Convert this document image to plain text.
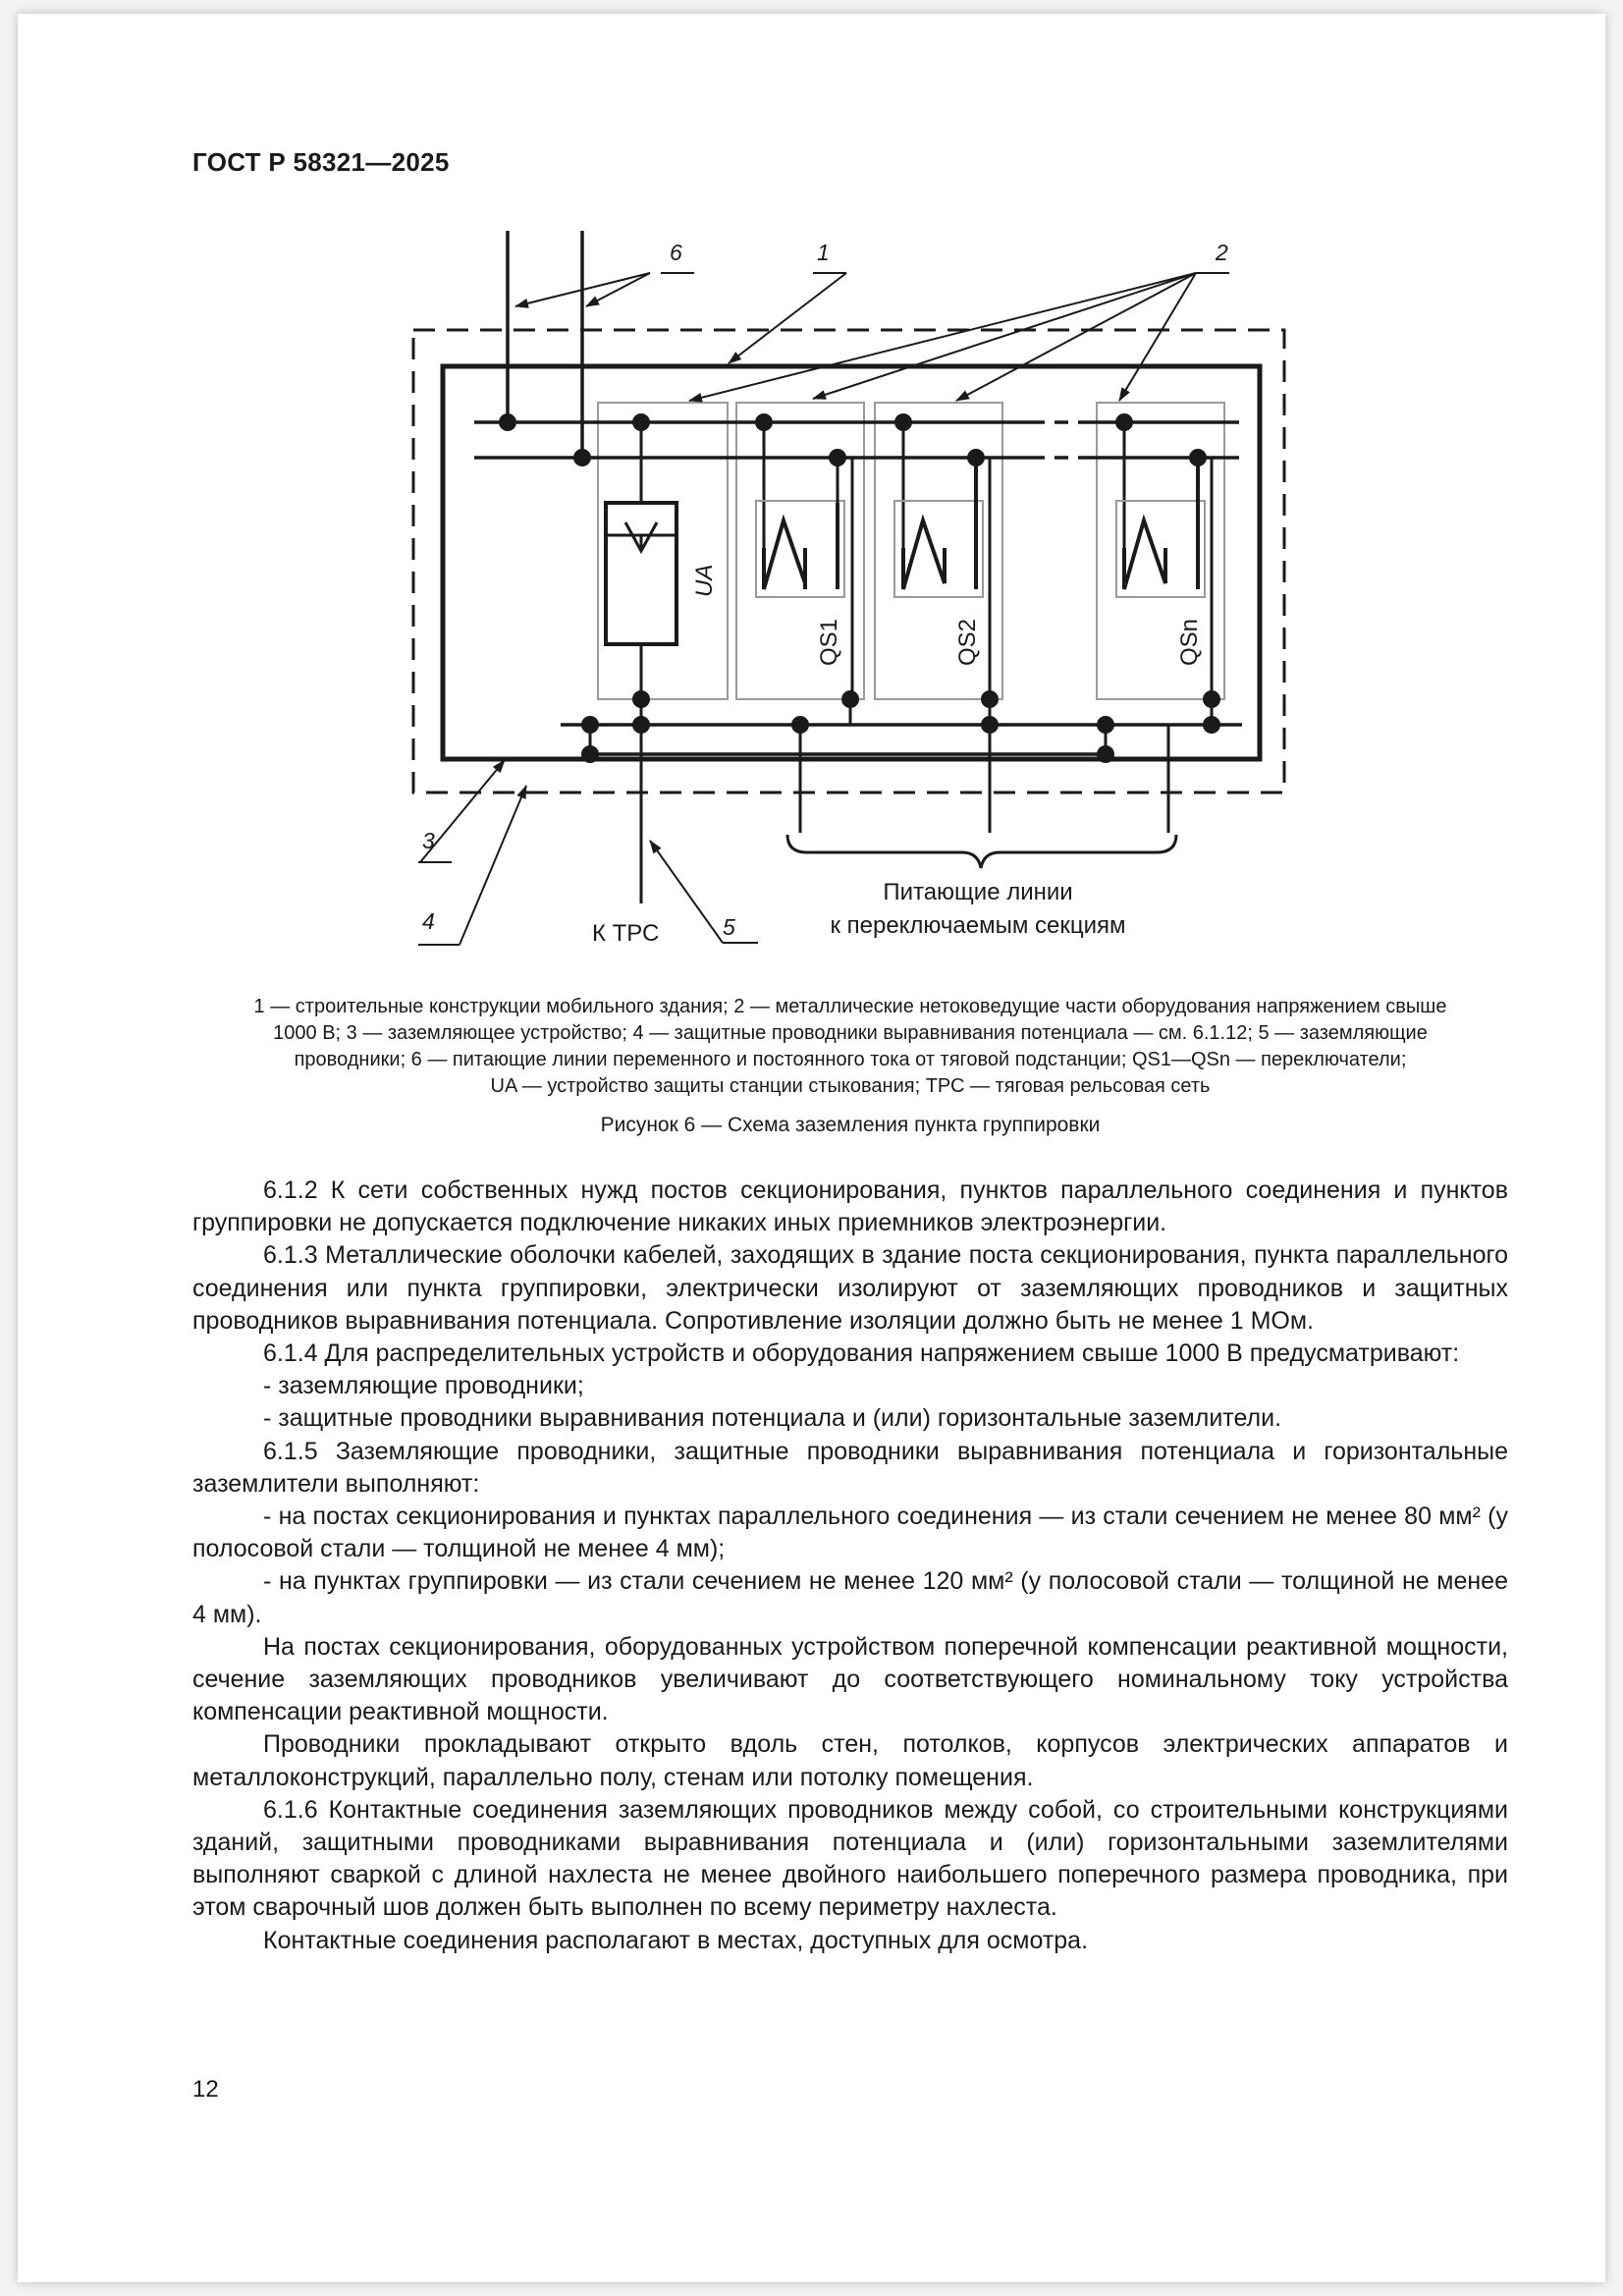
ГОСТ Р 58321—2025
6	1	2
3
4	5
UA
QS1	QS2	QSn
К ТРС
Питающие линии
к переключаемым секциям
1 — строительные конструкции мобильного здания; 2 — металлические нетоковедущие части оборудования напряжением свыше
1000 В; 3 — заземляющее устройство; 4 — защитные проводники выравнивания потенциала — см. 6.1.12; 5 — заземляющие
проводники; 6 — питающие линии переменного и постоянного тока от тяговой подстанции; QS1—QSn — переключатели;
UA — устройство защиты станции стыкования; ТРС — тяговая рельсовая сеть
Рисунок 6 — Схема заземления пункта группировки

6.1.2 К сети собственных нужд постов секционирования, пунктов параллельного соединения и пунктов группировки не допускается подключение никаких иных приемников электроэнергии.

6.1.3 Металлические оболочки кабелей, заходящих в здание поста секционирования, пункта параллельного соединения или пункта группировки, электрически изолируют от заземляющих проводников и защитных проводников выравнивания потенциала. Сопротивление изоляции должно быть не менее 1 МОм.

6.1.4 Для распределительных устройств и оборудования напряжением свыше 1000 В предусматривают:

- заземляющие проводники;

- защитные проводники выравнивания потенциала и (или) горизонтальные заземлители.

6.1.5 Заземляющие проводники, защитные проводники выравнивания потенциала и горизонтальные заземлители выполняют:

- на постах секционирования и пунктах параллельного соединения — из стали сечением не менее 80 мм² (у полосовой стали — толщиной не менее 4 мм);

- на пунктах группировки — из стали сечением не менее 120 мм² (у полосовой стали — толщиной не менее 4 мм).

На постах секционирования, оборудованных устройством поперечной компенсации реактивной мощности, сечение заземляющих проводников увеличивают до соответствующего номинальному току устройства компенсации реактивной мощности.

Проводники прокладывают открыто вдоль стен, потолков, корпусов электрических аппаратов и металлоконструкций, параллельно полу, стенам или потолку помещения.

6.1.6 Контактные соединения заземляющих проводников между собой, со строительными конструкциями зданий, защитными проводниками выравнивания потенциала и (или) горизонтальными заземлителями выполняют сваркой с длиной нахлеста не менее двойного наибольшего поперечного размера проводника, при этом сварочный шов должен быть выполнен по всему периметру нахлеста.

Контактные соединения располагают в местах, доступных для осмотра.

12
